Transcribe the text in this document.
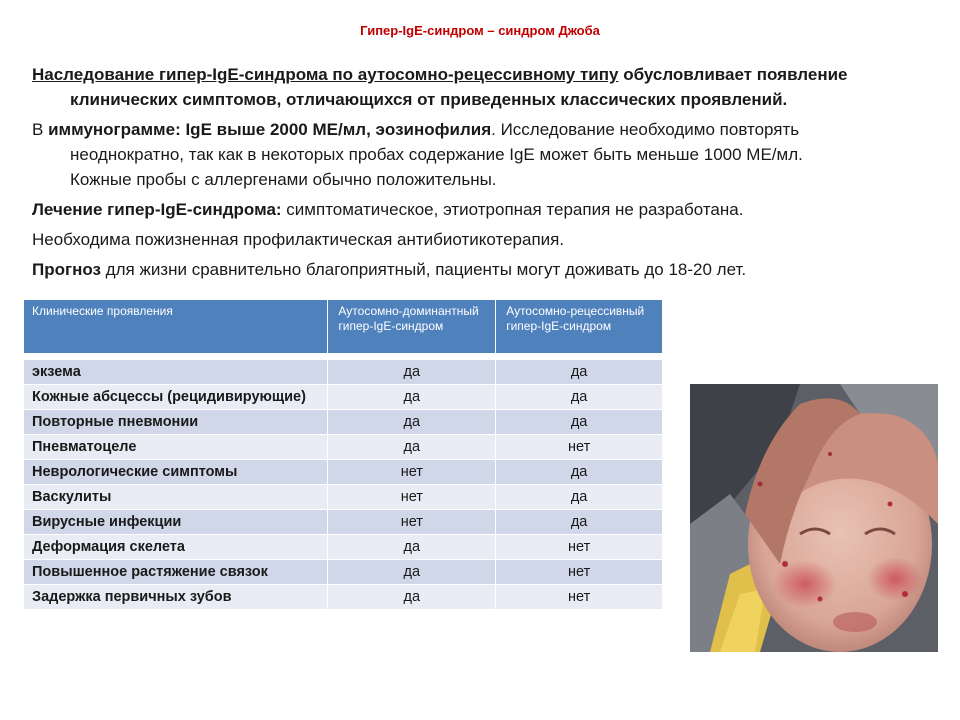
Гипер-IgE-синдром – синдром Джоба
Наследование гипер-IgE-синдрома по аутосомно-рецессивному типу обусловливает появление
клинических симптомов, отличающихся от приведенных классических проявлений.
В иммунограмме: IgE выше 2000 МЕ/мл, эозинофилия. Исследование необходимо повторять
неоднократно, так как в некоторых пробах содержание IgE может быть меньше 1000 МЕ/мл.
Кожные пробы с аллергенами обычно положительны.
Лечение гипер-IgE-синдрома: симптоматическое, этиотропная терапия не разработана.
Необходима пожизненная профилактическая антибиотикотерапия.
Прогноз для жизни сравнительно благоприятный, пациенты могут доживать до 18-20 лет.
Клинические проявления	Аутосомно-доминантный гипер-IgE-синдром	Аутосомно-рецессивный гипер-IgE-синдром

экзема	да	да
Кожные абсцессы (рецидивирующие)	да	да
Повторные пневмонии	да	да
Пневматоцеле	да	нет
Неврологические симптомы	нет	да
Васкулиты	нет	да
Вирусные инфекции	нет	да
Деформация скелета	да	нет
Повышенное растяжение связок	да	нет
Задержка первичных зубов	да	нет
